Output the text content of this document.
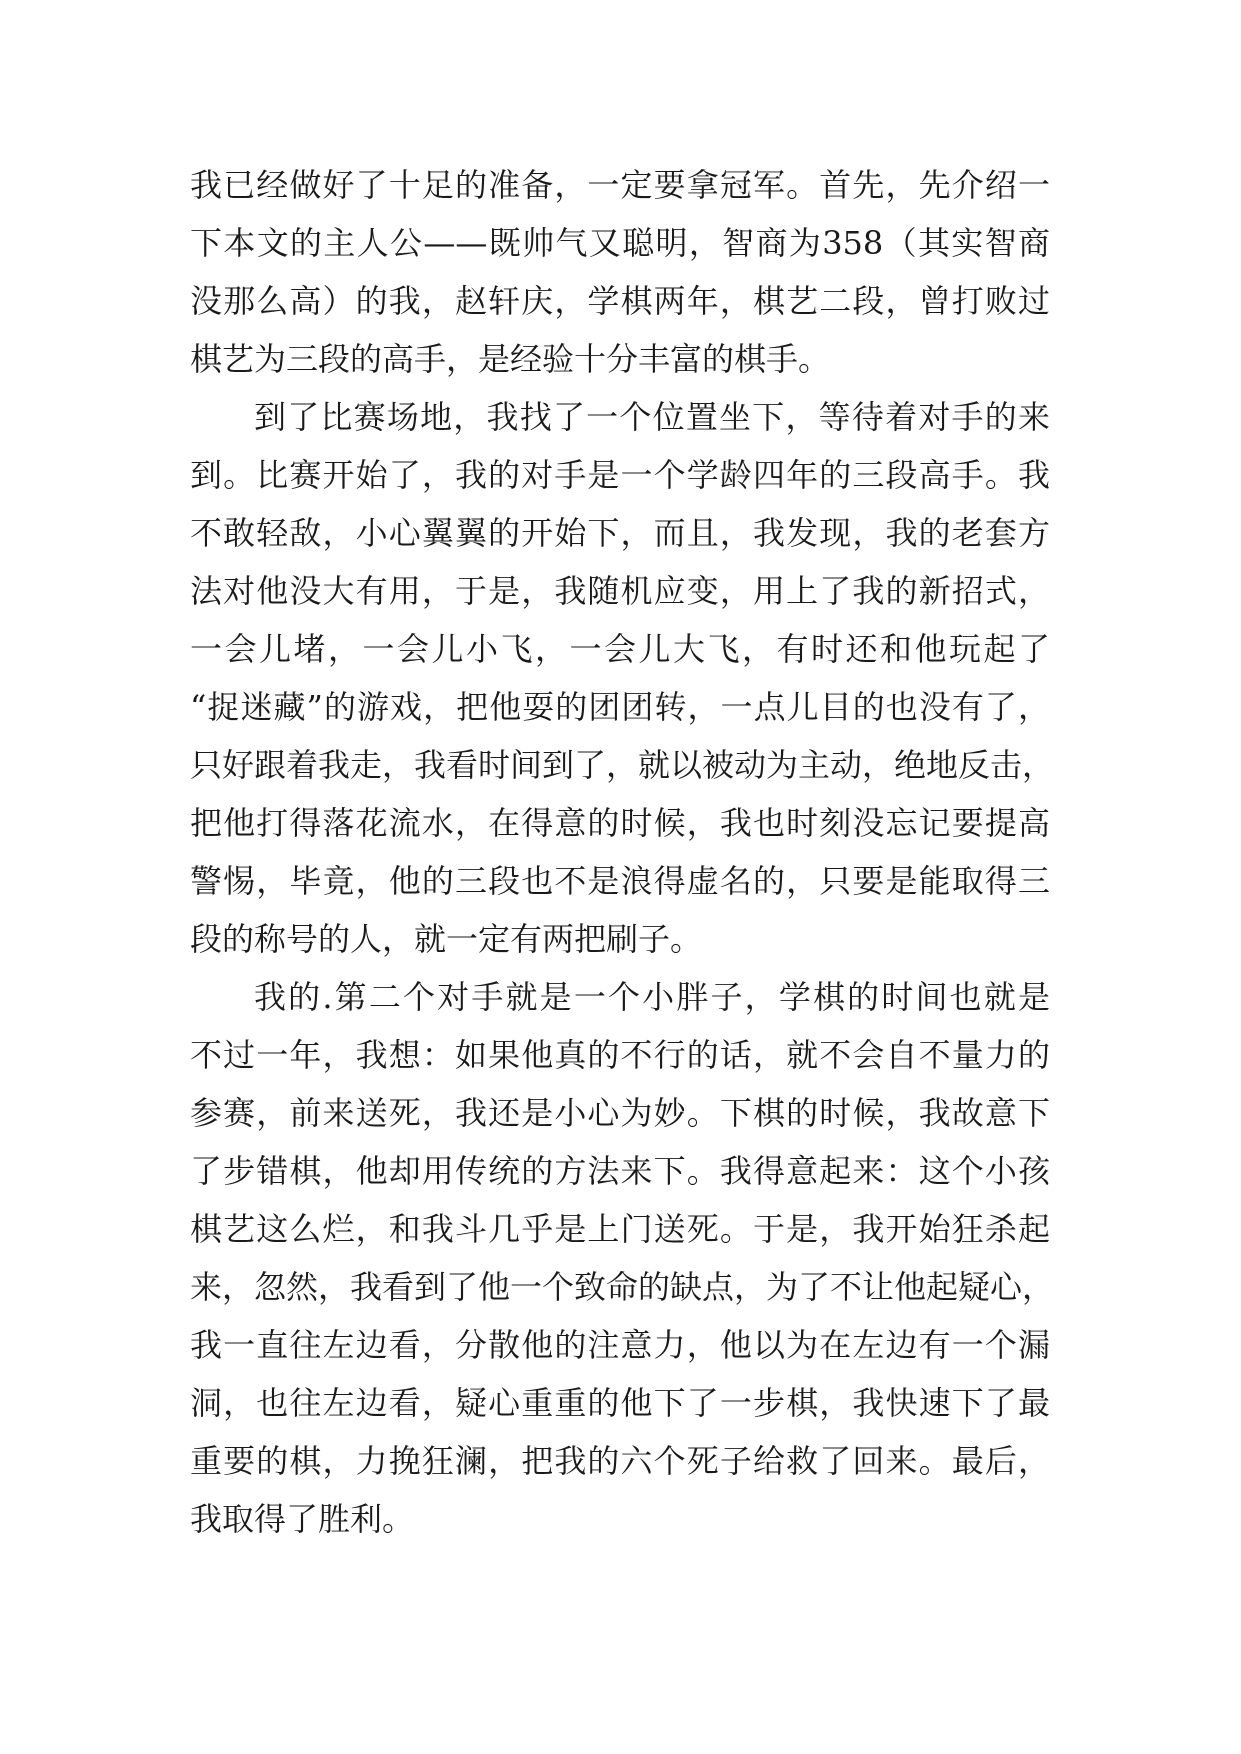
我已经做好了十足的准备，一定要拿冠军。首先，先介绍一
下本文的主人公——既帅气又聪明，智商为358（其实智商
没那么高）的我，赵轩庆，学棋两年，棋艺二段，曾打败过
棋艺为三段的高手，是经验十分丰富的棋手。
到了比赛场地，我找了一个位置坐下，等待着对手的来
到。比赛开始了，我的对手是一个学龄四年的三段高手。我
不敢轻敌，小心翼翼的开始下，而且，我发现，我的老套方
法对他没大有用，于是，我随机应变，用上了我的新招式，
一会儿堵，一会儿小飞，一会儿大飞，有时还和他玩起了
“捉迷藏”的游戏，把他耍的团团转，一点儿目的也没有了，
只好跟着我走，我看时间到了，就以被动为主动，绝地反击，
把他打得落花流水，在得意的时候，我也时刻没忘记要提高
警惕，毕竟，他的三段也不是浪得虚名的，只要是能取得三
段的称号的人，就一定有两把刷子。
我的.第二个对手就是一个小胖子，学棋的时间也就是
不过一年，我想：如果他真的不行的话，就不会自不量力的
参赛，前来送死，我还是小心为妙。下棋的时候，我故意下
了步错棋，他却用传统的方法来下。我得意起来：这个小孩
棋艺这么烂，和我斗几乎是上门送死。于是，我开始狂杀起
来，忽然，我看到了他一个致命的缺点，为了不让他起疑心，
我一直往左边看，分散他的注意力，他以为在左边有一个漏
洞，也往左边看，疑心重重的他下了一步棋，我快速下了最
重要的棋，力挽狂澜，把我的六个死子给救了回来。最后，
我取得了胜利。
